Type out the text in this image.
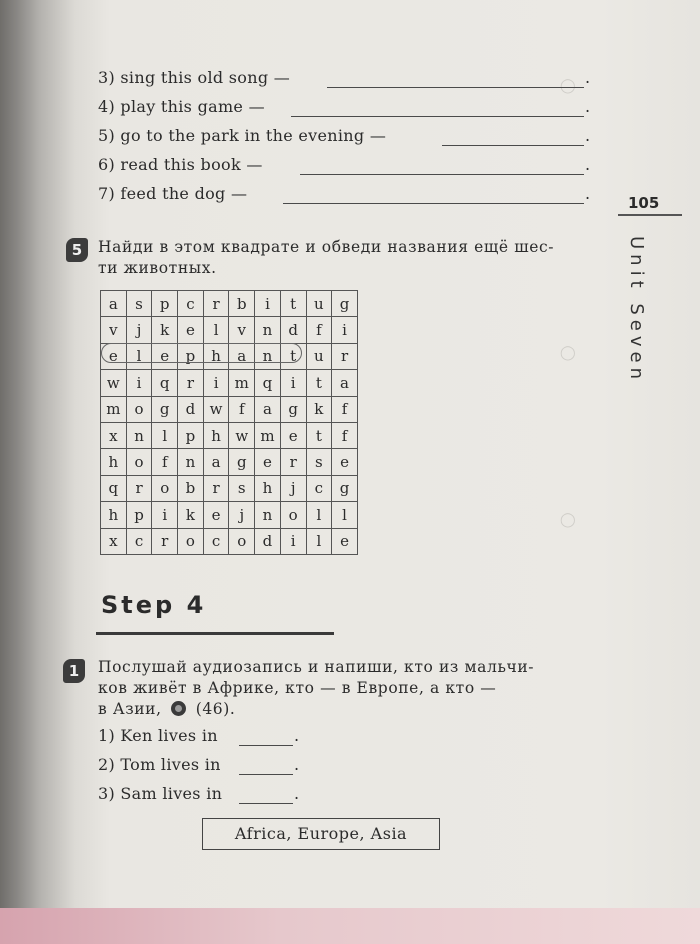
◯
◯
◯
3) sing this old song —	.
4) play this game —	.
5) go to the park in the evening —	.
6) read this book —	.
7) feed the dog —	.	105
Unit Seven
5	Найди в этом квадрате и обведи названия ещё шес-
ти животных.
a	s	p	c	r	b	i	t	u	g
v	j	k	e	l	v	n	d	f	i
e	l	e	p	h	a	n	t	u	r
w	i	q	r	i	m	q	i	t	a
m	o	g	d	w	f	a	g	k	f
x	n	l	p	h	w	m	e	t	f
h	o	f	n	a	g	e	r	s	e
q	r	o	b	r	s	h	j	c	g
h	p	i	k	e	j	n	o	l	l
x	c	r	o	c	o	d	i	l	e
Step 4
1	Послушай аудиозапись и напиши, кто из мальчи-
ков живёт в Африке, кто — в Европе, а кто —
в Азии, (46).
1) Ken lives in	.
2) Tom lives in	.
3) Sam lives in	.
Africa, Europe, Asia
